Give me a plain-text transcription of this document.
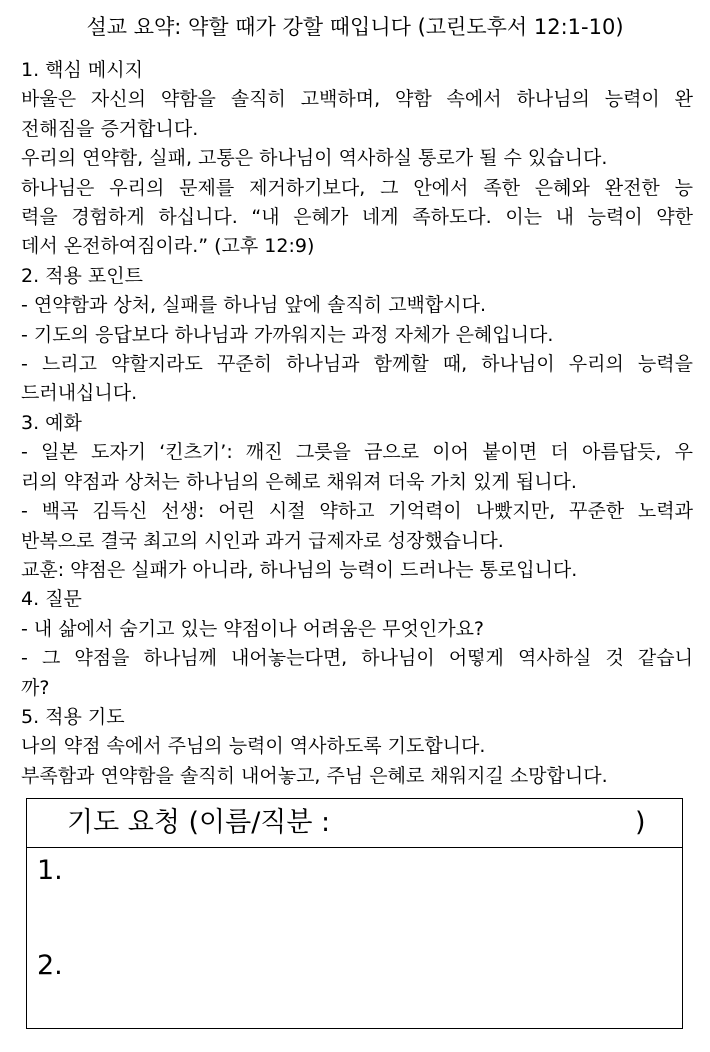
설교 요약: 약할 때가 강할 때입니다 (고린도후서 12:1-10)
1. 핵심 메시지
바울은 자신의 약함을 솔직히 고백하며, 약함 속에서 하나님의 능력이 완
전해짐을 증거합니다.
우리의 연약함, 실패, 고통은 하나님이 역사하실 통로가 될 수 있습니다.
하나님은 우리의 문제를 제거하기보다, 그 안에서 족한 은혜와 완전한 능
력을 경험하게 하십니다. “내 은혜가 네게 족하도다. 이는 내 능력이 약한
데서 온전하여짐이라.” (고후 12:9)
2. 적용 포인트
- 연약함과 상처, 실패를 하나님 앞에 솔직히 고백합시다.
- 기도의 응답보다 하나님과 가까워지는 과정 자체가 은혜입니다.
- 느리고 약할지라도 꾸준히 하나님과 함께할 때, 하나님이 우리의 능력을
드러내십니다.
3. 예화
- 일본 도자기 ‘킨츠기’: 깨진 그릇을 금으로 이어 붙이면 더 아름답듯, 우
리의 약점과 상처는 하나님의 은혜로 채워져 더욱 가치 있게 됩니다.
- 백곡 김득신 선생: 어린 시절 약하고 기억력이 나빴지만, 꾸준한 노력과
반복으로 결국 최고의 시인과 과거 급제자로 성장했습니다.
교훈: 약점은 실패가 아니라, 하나님의 능력이 드러나는 통로입니다.
4. 질문
- 내 삶에서 숨기고 있는 약점이나 어려움은 무엇인가요?
- 그 약점을 하나님께 내어놓는다면, 하나님이 어떻게 역사하실 것 같습니
까?
5. 적용 기도
나의 약점 속에서 주님의 능력이 역사하도록 기도합니다.
부족함과 연약함을 솔직히 내어놓고, 주님 은혜로 채워지길 소망합니다.
기도 요청 (이름/직분 :	)
1.
2.
